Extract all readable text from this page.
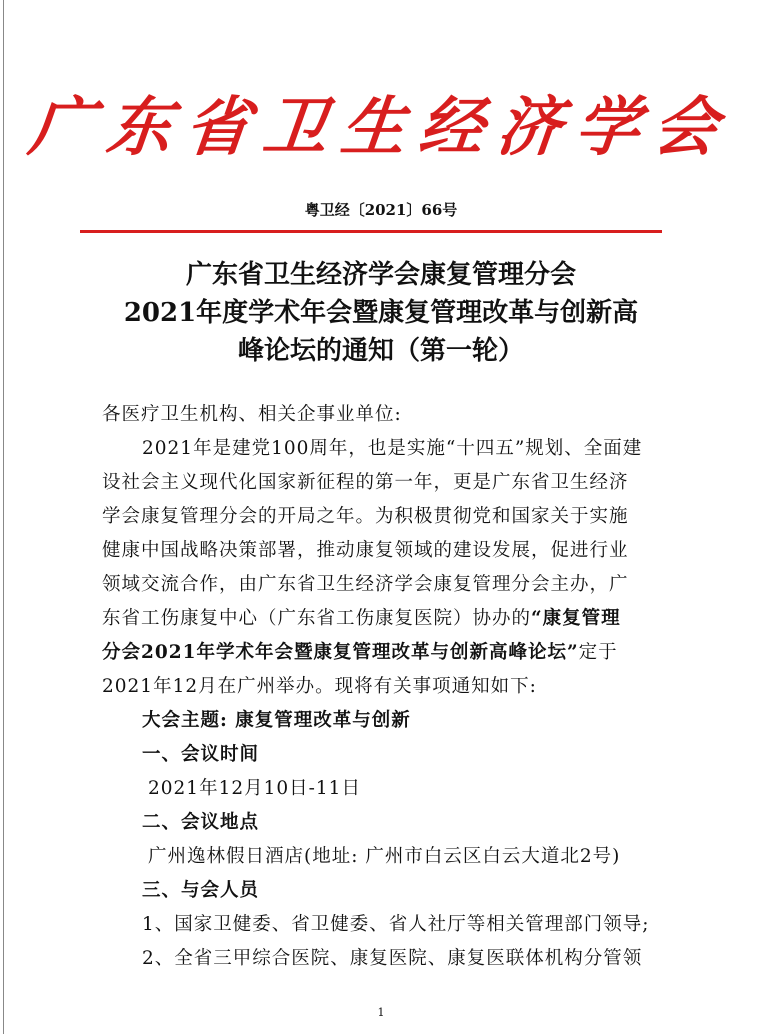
广东省卫生经济学会
粤卫经〔2021〕66号
广东省卫生经济学会康复管理分会
2021年度学术年会暨康复管理改革与创新高
峰论坛的通知（第一轮）
各医疗卫生机构、相关企事业单位:
2021年是建党100周年，也是实施“十四五”规划、全面建
设社会主义现代化国家新征程的第一年，更是广东省卫生经济
学会康复管理分会的开局之年。为积极贯彻党和国家关于实施
健康中国战略决策部署，推动康复领域的建设发展，促进行业
领域交流合作，由广东省卫生经济学会康复管理分会主办，广
东省工伤康复中心（广东省工伤康复医院）协办的“康复管理
分会2021年学术年会暨康复管理改革与创新高峰论坛”定于
2021年12月在广州举办。现将有关事项通知如下:
大会主题: 康复管理改革与创新
一、会议时间
2021年12月10日-11日
二、会议地点
广州逸林假日酒店(地址: 广州市白云区白云大道北2号)
三、与会人员
1、国家卫健委、省卫健委、省人社厅等相关管理部门领导;
2、全省三甲综合医院、康复医院、康复医联体机构分管领
1
